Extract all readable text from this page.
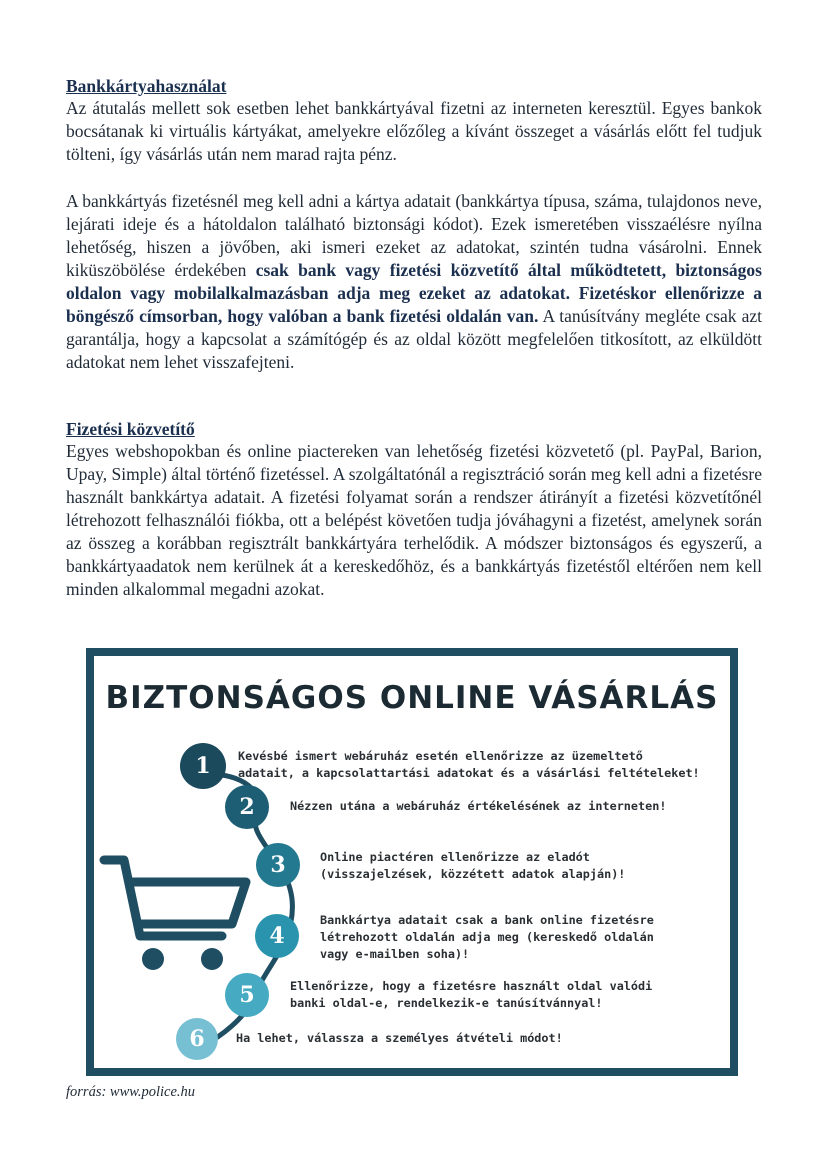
Bankkártyahasználat

Az átutalás mellett sok esetben lehet bankkártyával fizetni az interneten keresztül. Egyes bankok bocsátanak ki virtuális kártyákat, amelyekre előzőleg a kívánt összeget a vásárlás előtt fel tudjuk tölteni, így vásárlás után nem marad rajta pénz.

A bankkártyás fizetésnél meg kell adni a kártya adatait (bankkártya típusa, száma, tulajdonos neve, lejárati ideje és a hátoldalon található biztonsági kódot). Ezek ismeretében visszaélésre nyílna lehetőség, hiszen a jövőben, aki ismeri ezeket az adatokat, szintén tudna vásárolni. Ennek kiküszöbölése érdekében csak bank vagy fizetési közvetítő által működtetett, biztonságos oldalon vagy mobilalkalmazásban adja meg ezeket az adatokat. Fizetéskor ellenőrizze a böngésző címsorban, hogy valóban a bank fizetési oldalán van. A tanúsítvány megléte csak azt garantálja, hogy a kapcsolat a számítógép és az oldal között megfelelően titkosított, az elküldött adatokat nem lehet visszafejteni.

Fizetési közvetítő

Egyes webshopokban és online piactereken van lehetőség fizetési közvetető (pl. PayPal, Barion, Upay, Simple) által történő fizetéssel. A szolgáltatónál a regisztráció során meg kell adni a fizetésre használt bankkártya adatait. A fizetési folyamat során a rendszer átirányít a fizetési közvetítőnél létrehozott felhasználói fiókba, ott a belépést követően tudja jóváhagyni a fizetést, amelynek során az összeg a korábban regisztrált bankkártyára terhelődik. A módszer biztonságos és egyszerű, a bankkártyaadatok nem kerülnek át a kereskedőhöz, és a bankkártyás fizetéstől eltérően nem kell minden alkalommal megadni azokat.

BIZTONSÁGOS ONLINE VÁSÁRLÁS

1
2
3
4
5
6
Kevésbé ismert webáruház esetén ellenőrizze az üzemeltető
adatait, a kapcsolattartási adatokat és a vásárlási feltételeket!
Nézzen utána a webáruház értékelésének az interneten!
Online piactéren ellenőrizze az eladót
(visszajelzések, közzétett adatok alapján)!
Bankkártya adatait csak a bank online fizetésre
létrehozott oldalán adja meg (kereskedő oldalán
vagy e-mailben soha)!
Ellenőrizze, hogy a fizetésre használt oldal valódi
banki oldal-e, rendelkezik-e tanúsítvánnyal!
Ha lehet, válassza a személyes átvételi módot!
forrás: www.police.hu
